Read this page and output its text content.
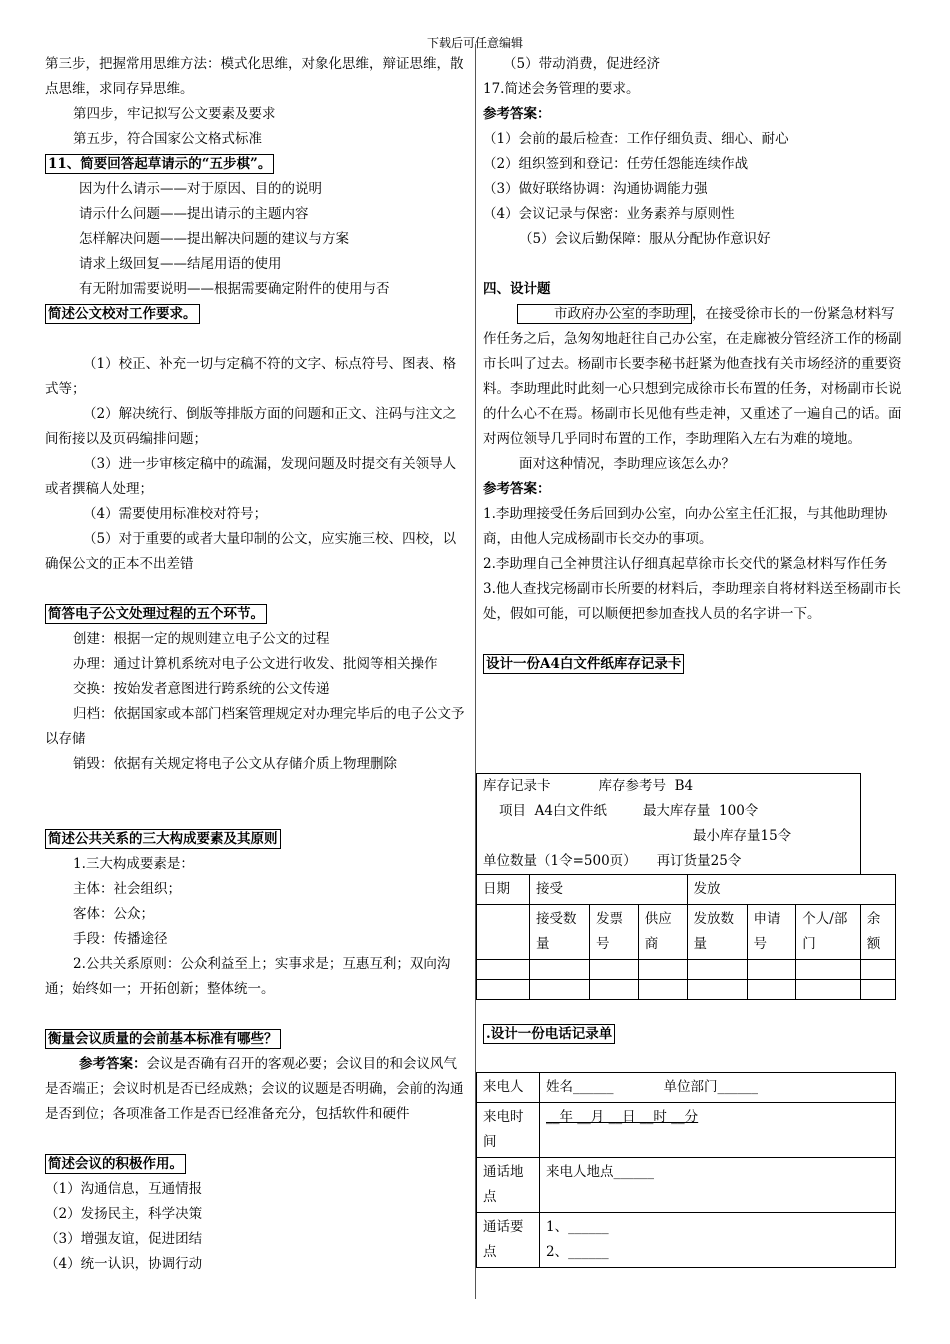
下载后可任意编辑
第三步，把握常用思维方法：模式化思维，对象化思维，辩证思维，散点思维，求同存异思维。
第四步，牢记拟写公文要素及要求
第五步，符合国家公文格式标准
11、简要回答起草请示的“五步棋”。
因为什么请示——对于原因、目的的说明
请示什么问题——提出请示的主题内容
怎样解决问题——提出解决问题的建议与方案
请求上级回复——结尾用语的使用
有无附加需要说明——根据需要确定附件的使用与否
简述公文校对工作要求。
（1）校正、补充一切与定稿不符的文字、标点符号、图表、格式等；
（2）解决统行、倒版等排版方面的问题和正文、注码与注文之间衔接以及页码编排问题；
（3）进一步审核定稿中的疏漏，发现问题及时提交有关领导人或者撰稿人处理；
（4）需要使用标准校对符号；
（5）对于重要的或者大量印制的公文，应实施三校、四校，以确保公文的正本不出差错
简答电子公文处理过程的五个环节。
创建：根据一定的规则建立电子公文的过程
办理：通过计算机系统对电子公文进行收发、批阅等相关操作
交换：按始发者意图进行跨系统的公文传递
归档：依据国家或本部门档案管理规定对办理完毕后的电子公文予以存储
销毁：依据有关规定将电子公文从存储介质上物理删除
简述公共关系的三大构成要素及其原则
1.三大构成要素是：
主体：社会组织；
客体：公众；
手段：传播途径
2.公共关系原则：公众利益至上；实事求是；互惠互利；双向沟通；始终如一；开拓创新；整体统一。
衡量会议质量的会前基本标准有哪些？
参考答案：会议是否确有召开的客观必要；会议目的和会议风气是否端正；会议时机是否已经成熟；会议的议题是否明确，会前的沟通是否到位；各项准备工作是否已经准备充分，包括软件和硬件
简述会议的积极作用。
（1）沟通信息，互通情报
（2）发扬民主，科学决策
（3）增强友谊，促进团结
（4）统一认识，协调行动
（5）带动消费，促进经济
17.简述会务管理的要求。
参考答案：
（1）会前的最后检查：工作仔细负责、细心、耐心
（2）组织签到和登记：任劳任怨能连续作战
（3）做好联络协调：沟通协调能力强
（4）会议记录与保密：业务素养与原则性
（5）会议后勤保障：服从分配协作意识好
四、设计题
市政府办公室的李助理 ，在接受徐市长的一份紧急材料写作任务之后，急匆匆地赶往自己办公室，在走廊被分管经济工作的杨副市长叫了过去。杨副市长要李秘书赶紧为他查找有关市场经济的重要资料。李助理此时此刻一心只想到完成徐市长布置的任务，对杨副市长说的什么心不在焉。杨副市长见他有些走神，又重述了一遍自己的话。面对两位领导几乎同时布置的工作，李助理陷入左右为难的境地。
面对这种情况，李助理应该怎么办？
参考答案：
1.李助理接受任务后回到办公室，向办公室主任汇报，与其他助理协商，由他人完成杨副市长交办的事项。
2.李助理自己全神贯注认仔细真起草徐市长交代的紧急材料写作任务
3.他人查找完杨副市长所要的材料后，李助理亲自将材料送至杨副市长处，假如可能，可以顺便把参加查找人员的名字讲一下。
设计一份A4白文件纸库存记录卡
库存记录卡 库存参考号 B4
项目 A4白文件纸 最大库存量 100令
最小库存量15令
单位数量（1令=500页） 再订货量25令							

日期	接受			发放			
	接受数量	发票号	供应商	发放数量	申请号	个人/部门	余额

.设计一份电话记录单
来电人	姓名______ 单位部门______
来电时间	__年 __月 __日 __时 __分
通话地点	来电人地点______
通话要点	1、______
2、______
